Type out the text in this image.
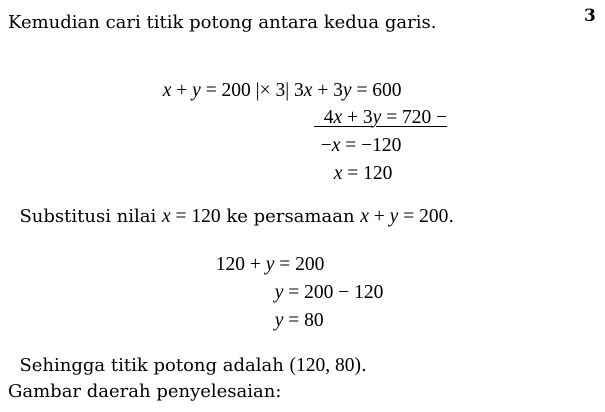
3
Kemudian cari titik potong antara kedua garis.

x + y = 200 |× 3| 3x + 3y = 600

4x + 3y = 720 −

−x = −120

x = 120

Substitusi nilai x = 120 ke persamaan x + y = 200.

120 + y = 200

y = 200 − 120

y = 80

Sehingga titik potong adalah (120, 80).

Gambar daerah penyelesaian:
